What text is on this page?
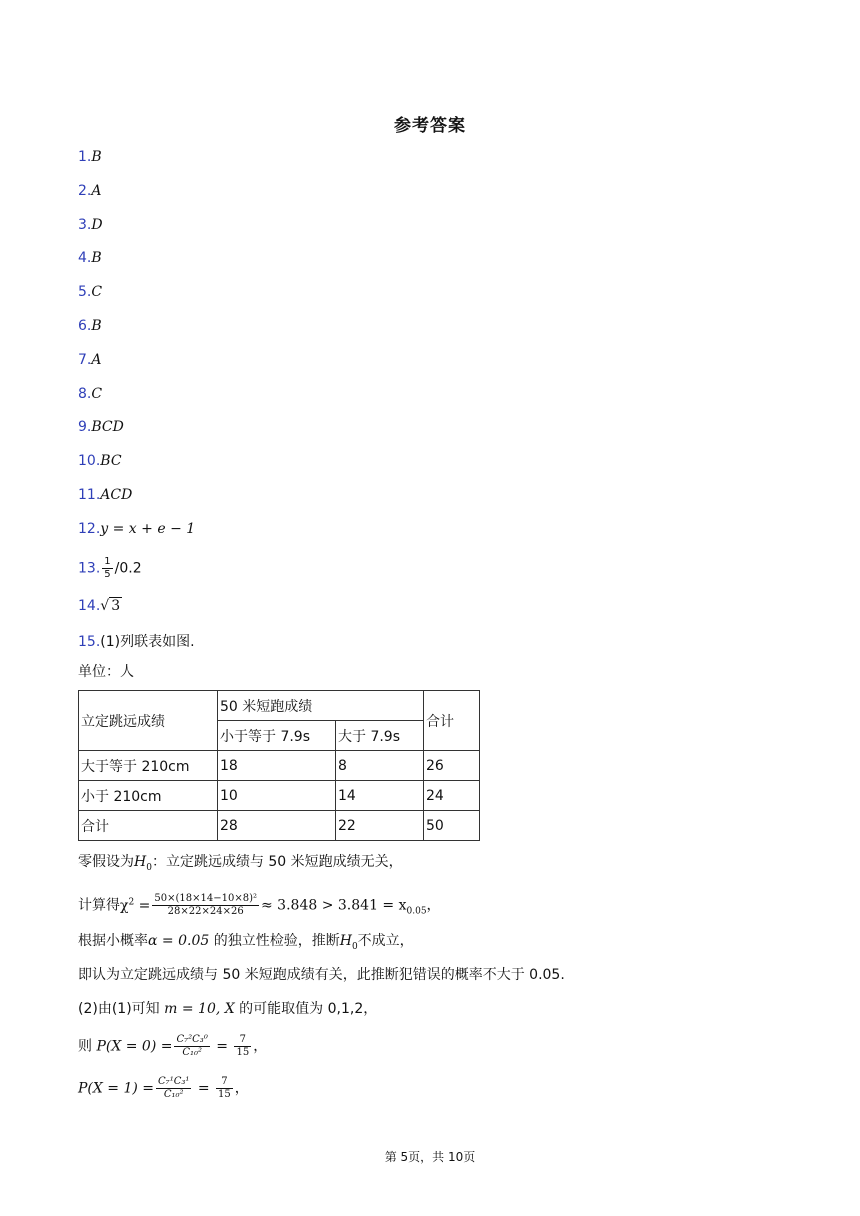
参考答案
1.B
2.A
3.D
4.B
5.C
6.B
7.A
8.C
9.BCD
10.BC
11.ACD
12.y = x + e − 1
13. $\frac{1}{5} /0.2$
14.√ 3
15.(1)列联表如图.
单位：人
立定跳远成绩	50 米短跑成绩		合计
	小于等于 7.9s	大于 7.9s	
大于等于 210cm	18	8	26
小于 210cm	10	14	24
合计	28	22	50
零假设为$H_0$：立定跳远成绩与 50 米短跑成绩无关，
计算得$\chi^2 = \frac{\text{50×(18×14−10×8)²}}{28\times 22\times 24\times 26} \approx 3.848 > 3.841 = x_{0.05}$，
根据小概率α = 0.05 的独立性检验，推断$H_0$不成立，
即认为立定跳远成绩与 50 米短跑成绩有关，此推断犯错误的概率不大于 0.05.
(2)由(1)可知 m = 10, X 的可能取值为 0,1,2，
则 $P(X = 0) = \frac{\text{C₇²C₃⁰}}{\text{C₁₀²}} = \frac{7}{15}$ ，
$P(X = 1) = \frac{\text{C₇¹C₃¹}}{\text{C₁₀²}} = \frac{7}{15}$ ，
第 5页，共 10页
